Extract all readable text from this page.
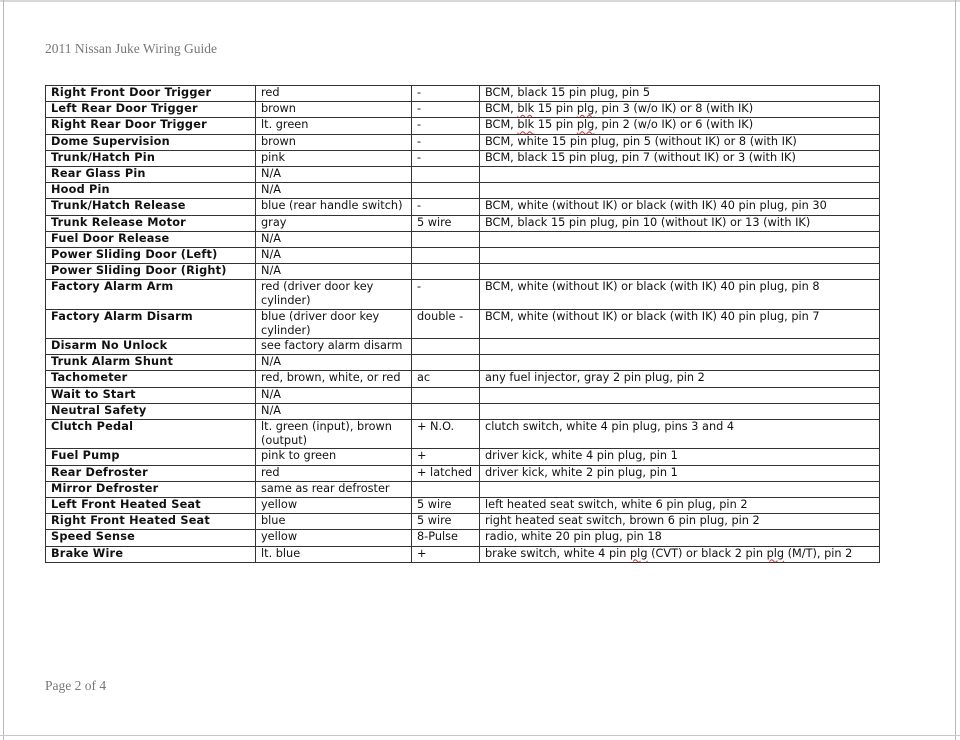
2011 Nissan Juke Wiring Guide
Right Front Door Trigger	red	-	BCM, black 15 pin plug, pin 5
Left Rear Door Trigger	brown	-	BCM, blk 15 pin plg, pin 3 (w/o IK) or 8 (with IK)
Right Rear Door Trigger	lt. green	-	BCM, blk 15 pin plg, pin 2 (w/o IK) or 6 (with IK)
Dome Supervision	brown	-	BCM, white 15 pin plug, pin 5 (without IK) or 8 (with IK)
Trunk/Hatch Pin	pink	-	BCM, black 15 pin plug, pin 7 (without IK) or 3 (with IK)
Rear Glass Pin	N/A		
Hood Pin	N/A		
Trunk/Hatch Release	blue (rear handle switch)	-	BCM, white (without IK) or black (with IK) 40 pin plug, pin 30
Trunk Release Motor	gray	5 wire	BCM, black 15 pin plug, pin 10 (without IK) or 13 (with IK)
Fuel Door Release	N/A		
Power Sliding Door (Left)	N/A		
Power Sliding Door (Right)	N/A		
Factory Alarm Arm	red (driver door key cylinder)	-	BCM, white (without IK) or black (with IK) 40 pin plug, pin 8
Factory Alarm Disarm	blue (driver door key cylinder)	double -	BCM, white (without IK) or black (with IK) 40 pin plug, pin 7
Disarm No Unlock	see factory alarm disarm		
Trunk Alarm Shunt	N/A		
Tachometer	red, brown, white, or red	ac	any fuel injector, gray 2 pin plug, pin 2
Wait to Start	N/A		
Neutral Safety	N/A		
Clutch Pedal	lt. green (input), brown (output)	+ N.O.	clutch switch, white 4 pin plug, pins 3 and 4
Fuel Pump	pink to green	+	driver kick, white 4 pin plug, pin 1
Rear Defroster	red	+ latched	driver kick, white 2 pin plug, pin 1
Mirror Defroster	same as rear defroster		
Left Front Heated Seat	yellow	5 wire	left heated seat switch, white 6 pin plug, pin 2
Right Front Heated Seat	blue	5 wire	right heated seat switch, brown 6 pin plug, pin 2
Speed Sense	yellow	8-Pulse	radio, white 20 pin plug, pin 18
Brake Wire	lt. blue	+	brake switch, white 4 pin plg (CVT) or black 2 pin plg (M/T), pin 2
Page 2 of 4
